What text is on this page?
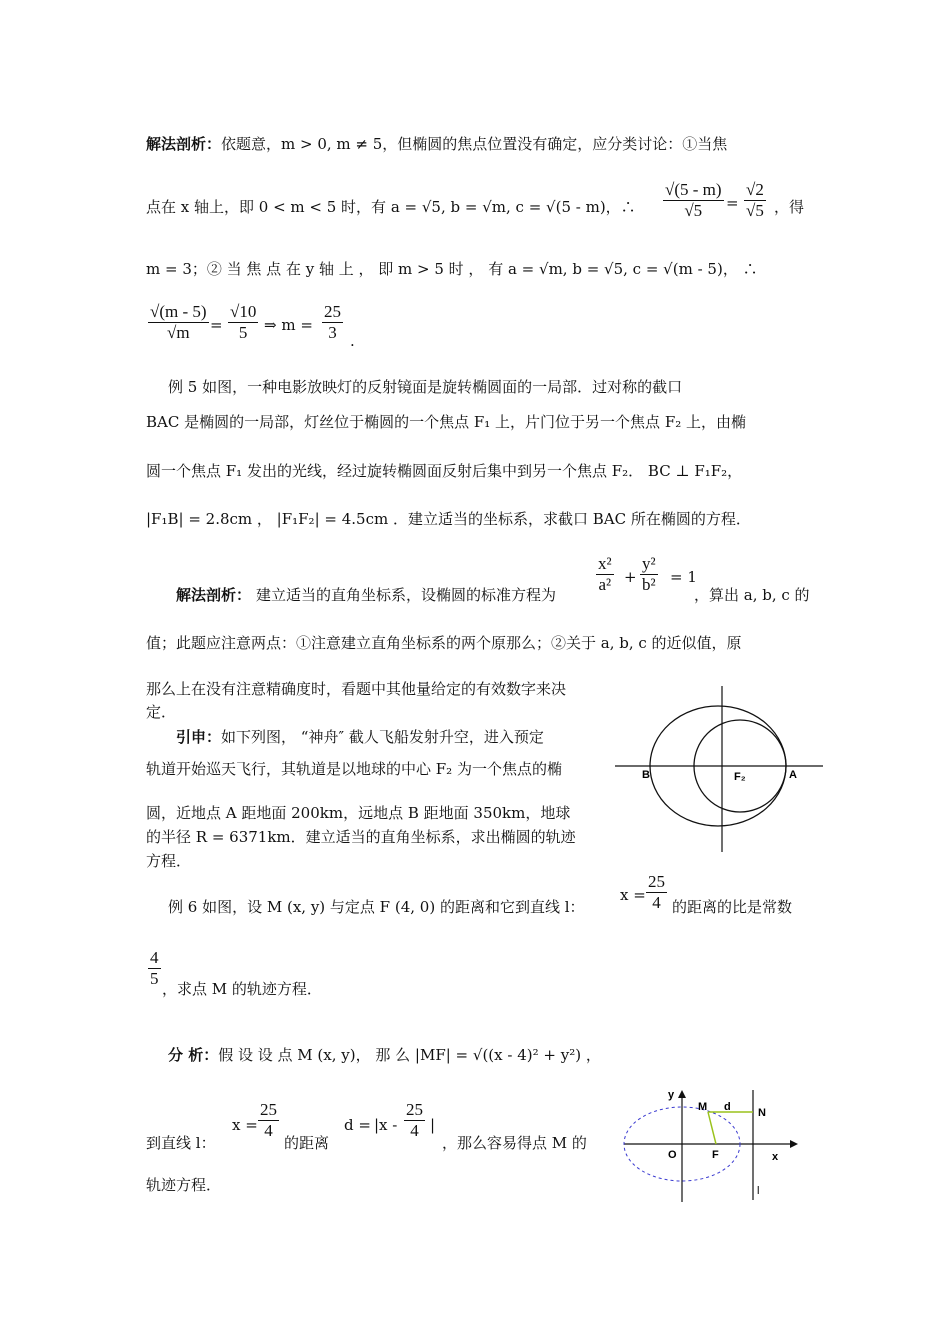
解法剖析：依题意，m > 0, m ≠ 5，但椭圆的焦点位置没有确定，应分类讨论：①当焦
点在 x 轴上，即 0 < m < 5 时，有 a = √5, b = √m, c = √(5 - m)，∴ $\frac{√(5 - m)}{√5} = \frac{√2}{√5}$ ，得
m = 3；② 当 焦 点 在 y 轴 上 ， 即 m > 5 时 ， 有 a = √m, b = √5, c = √(m - 5)， ∴
$\frac{√(m - 5)}{√m} = \frac{√10}{5}$ ⇒ $m = \frac{25}{3}$ .
例 5 如图，一种电影放映灯的反射镜面是旋转椭圆面的一局部．过对称的截口
BAC 是椭圆的一局部，灯丝位于椭圆的一个焦点 F₁ 上，片门位于另一个焦点 F₂ 上，由椭
圆一个焦点 F₁ 发出的光线，经过旋转椭圆面反射后集中到另一个焦点 F₂． BC ⊥ F₁F₂，
|F₁B| = 2.8cm ， |F₁F₂| = 4.5cm ．建立适当的坐标系，求截口 BAC 所在椭圆的方程．
解法剖析： 建立适当的直角坐标系，设椭圆的标准方程为 $\frac{\text{x²}}{\text{a²}} + \frac{\text{y²}}{\text{b²}} = 1$
，算出 a, b, c 的
值；此题应注意两点：①注意建立直角坐标系的两个原那么；②关于 a, b, c 的近似值，原
那么上在没有注意精确度时，看题中其他量给定的有效数字来决
定．
引申：如下列图， “神舟″ 截人飞船发射升空，进入预定
轨道开始巡天飞行，其轨道是以地球的中心 F₂ 为一个焦点的椭
圆，近地点 A 距地面 200km，远地点 B 距地面 350km，地球
的半径 R = 6371km．建立适当的直角坐标系，求出椭圆的轨迹
方程．
B	F₂	A
例 6 如图，设 M (x, y) 与定点 F (4, 0) 的距离和它到直线 l：
$x = \frac{25}{4}$ 的距离的比是常数
$\frac{4}{5}$ ，求点 M 的轨迹方程．
分 析：假 设 设 点 M (x, y)， 那 么 |MF| = √((x - 4)² + y²) ，
到直线 l：
$x = \frac{25}{4}$
的距离
$d = |x - \frac{25}{4}$ |
，那么容易得点 M 的
轨迹方程．
y
M d N
O	F	x
l
